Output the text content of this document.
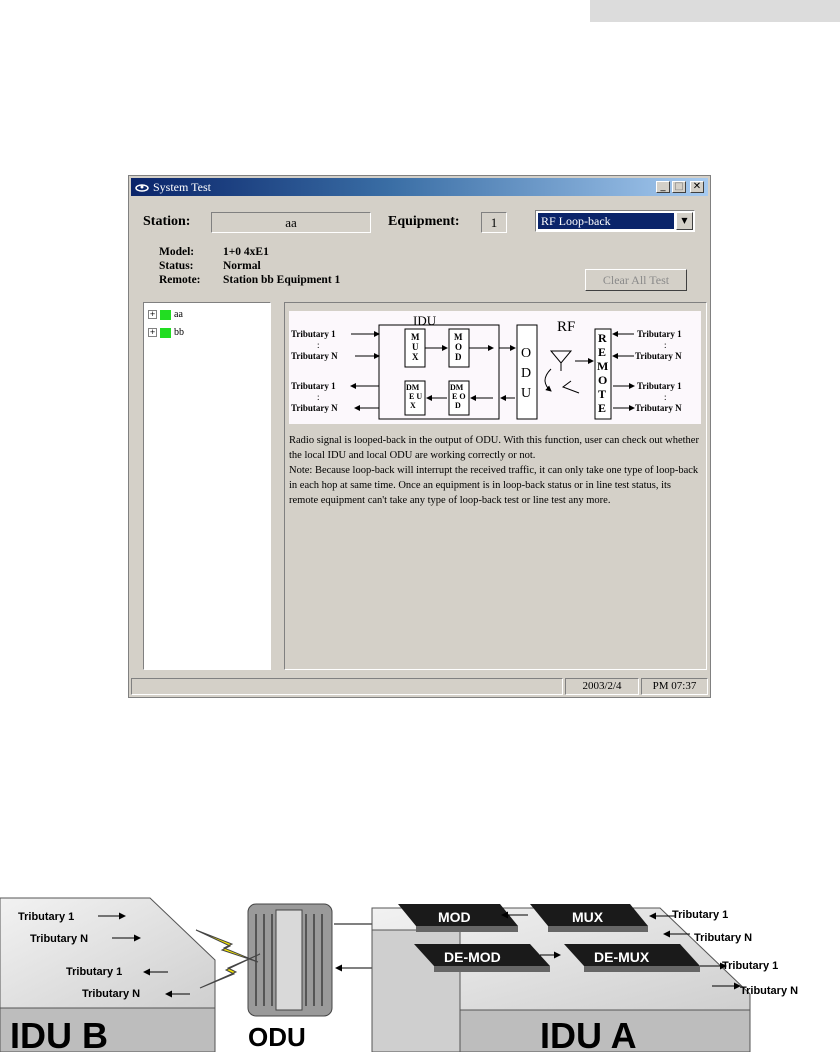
System Test	_ □ ✕
Station:	aa	Equipment:	1	RF Loop-back	▼
Model:	1+0 4xE1
Status:	Normal
Remote: Station bb Equipment 1	Clear All Test
+ aa
+ bb
IDU	RF
Tributary 1
:
Tributary N
Tributary 1
:
Tributary N
M U X
M O D
DM E U X
DM E O D
O D U
R E M O T E
Tributary 1
:
Tributary N
Tributary 1
:
Tributary N
Radio signal is looped-back in the output of ODU. With this function, user can check out whether the local IDU and local ODU are working correctly or not.
Note: Because loop-back will interrupt the received traffic, it can only take one type of loop-back in each hop at same time. Once an equipment is in loop-back status or in line test status, its remote equipment can't take any type of loop-back test or line test any more.
2003/2/4	PM 07:37
IDU B
Tributary 1
Tributary N
Tributary 1
Tributary N
ODU	IDU A
MOD	MUX
DE-MOD	DE-MUX
Tributary 1
Tributary N
Tributary 1
Tributary N
